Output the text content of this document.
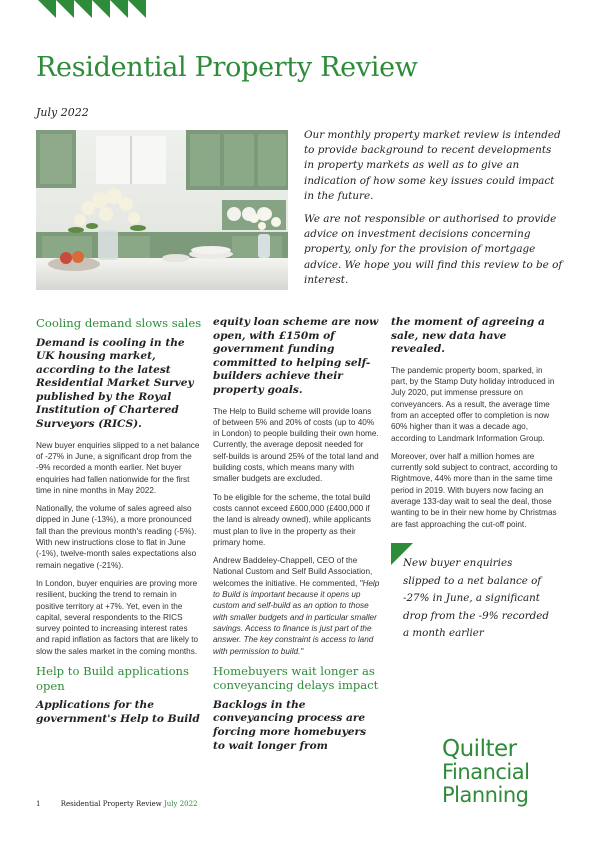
Residential Property Review
July 2022

Our monthly property market review is intended to provide background to recent developments in property markets as well as to give an indication of how some key issues could impact in the future.

We are not responsible or authorised to provide advice on investment decisions concerning property, only for the provision of mortgage advice. We hope you will find this review to be of interest.

Cooling demand slows sales
Demand is cooling in the UK housing market, according to the latest Residential Market Survey published by the Royal Institution of Chartered Surveyors (RICS).

New buyer enquiries slipped to a net balance of -27% in June, a significant drop from the -9% recorded a month earlier. Net buyer enquiries had fallen nationwide for the first time in nine months in May 2022.

Nationally, the volume of sales agreed also dipped in June (-13%), a more pronounced fall than the previous month's reading (-5%). With new instructions close to flat in June (-1%), twelve-month sales expectations also remain negative (-21%).

In London, buyer enquiries are proving more resilient, bucking the trend to remain in positive territory at +7%. Yet, even in the capital, several respondents to the RICS survey pointed to increasing interest rates and rapid inflation as factors that are likely to slow the sales market in the coming months.

Help to Build applications open
Applications for the government's Help to Build
equity loan scheme are now open, with £150m of government funding committed to helping self-builders achieve their property goals.

The Help to Build scheme will provide loans of between 5% and 20% of costs (up to 40% in London) to people building their own home. Currently, the average deposit needed for self-builds is around 25% of the total land and building costs, which means many with smaller budgets are excluded.

To be eligible for the scheme, the total build costs cannot exceed £600,000 (£400,000 if the land is already owned), while applicants must plan to live in the property as their primary home.

Andrew Baddeley-Chappell, CEO of the National Custom and Self Build Association, welcomes the initiative. He commented, "Help to Build is important because it opens up custom and self-build as an option to those with smaller budgets and in particular smaller savings. Access to finance is just part of the answer. The key constraint is access to land with permission to build."

Homebuyers wait longer as conveyancing delays impact
Backlogs in the conveyancing process are forcing more homebuyers to wait longer from
the moment of agreeing a sale, new data have revealed.

The pandemic property boom, sparked, in part, by the Stamp Duty holiday introduced in July 2020, put immense pressure on conveyancers. As a result, the average time from an accepted offer to completion is now 60% higher than it was a decade ago, according to Landmark Information Group.

Moreover, over half a million homes are currently sold subject to contract, according to Rightmove, 44% more than in the same time period in 2019. With buyers now facing an average 133-day wait to seal the deal, those wanting to be in their new home by Christmas are fast approaching the cut-off point.

New buyer enquiries slipped to a net balance of -27% in June, a significant drop from the -9% recorded a month earlier
Quilter
Financial
Planning
1	Residential Property Review July 2022
